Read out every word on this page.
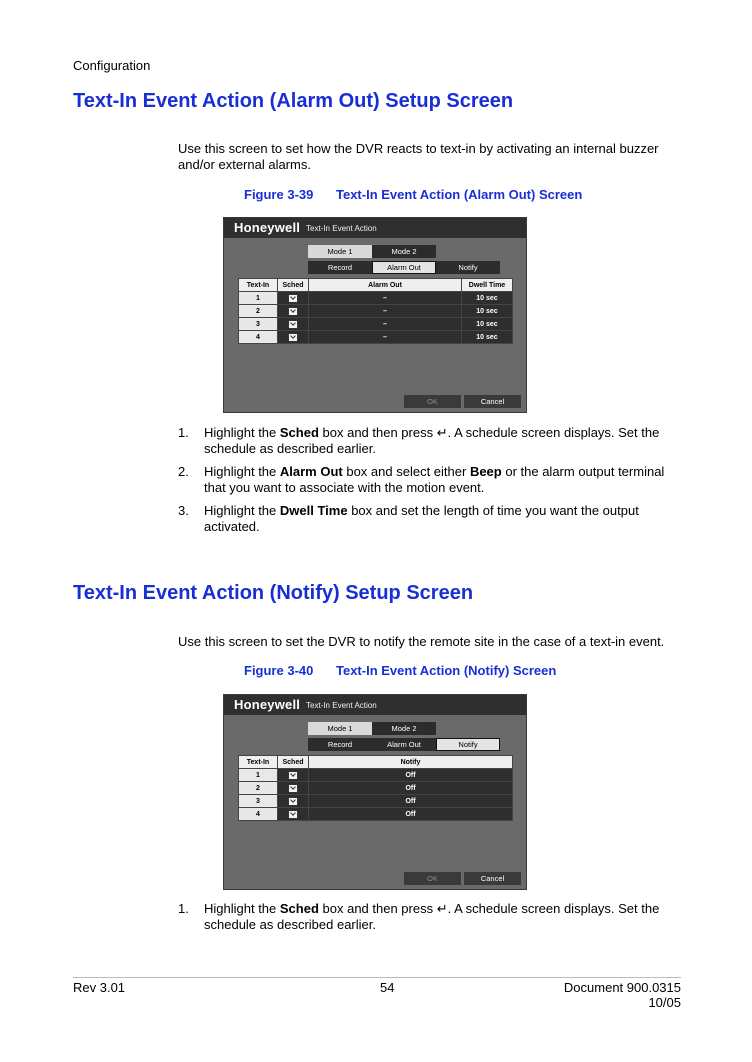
Configuration
Text-In Event Action (Alarm Out) Setup Screen
Use this screen to set how the DVR reacts to text-in by activating an internal buzzer and/or external alarms.
Figure 3-39 Text-In Event Action (Alarm Out) Screen
Honeywell Text-In Event Action
Mode 1	Mode 2
Record	Alarm Out	Notify
Text-In	Sched	Alarm Out	Dwell Time
1		–	10 sec
2		–	10 sec
3		–	10 sec
4		–	10 sec
OK	Cancel
1. Highlight the Sched box and then press ↵. A schedule screen displays. Set the schedule as described earlier.
2. Highlight the Alarm Out box and select either Beep or the alarm output terminal that you want to associate with the motion event.
3. Highlight the Dwell Time box and set the length of time you want the output activated.
Text-In Event Action (Notify) Setup Screen
Use this screen to set the DVR to notify the remote site in the case of a text-in event.
Figure 3-40 Text-In Event Action (Notify) Screen
Honeywell Text-In Event Action
Mode 1	Mode 2
Record	Alarm Out	Notify
Text-In	Sched	Notify
1		Off
2		Off
3		Off
4		Off
OK	Cancel
1. Highlight the Sched box and then press ↵. A schedule screen displays. Set the schedule as described earlier.
Rev 3.01	54	Document 900.0315
10/05
